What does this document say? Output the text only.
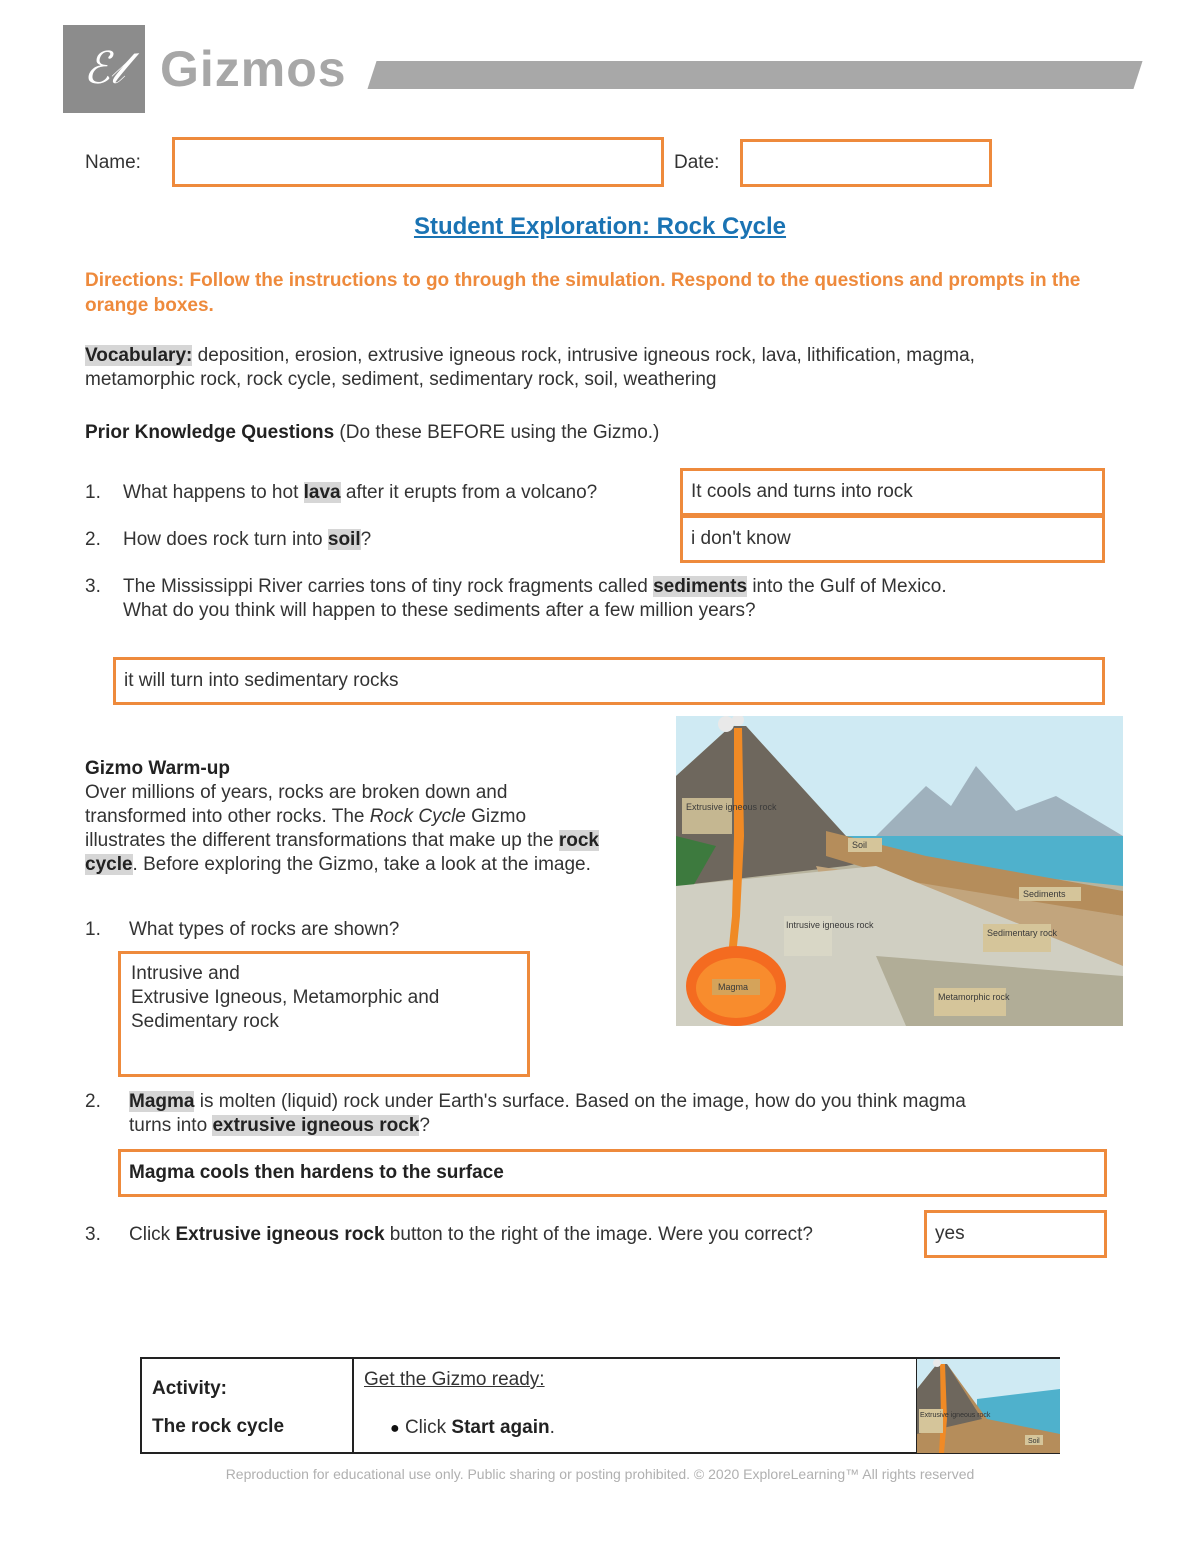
ℰ𝓁 Gizmos
Name:	Date:
Student Exploration: Rock Cycle
Directions: Follow the instructions to go through the simulation. Respond to the questions and prompts in the orange boxes.
Vocabulary: deposition, erosion, extrusive igneous rock, intrusive igneous rock, lava, lithification, magma,
metamorphic rock, rock cycle, sediment, sedimentary rock, soil, weathering
Prior Knowledge Questions (Do these BEFORE using the Gizmo.)
1. What happens to hot lava after it erupts from a volcano?	It cools and turns into rock
2. How does rock turn into soil?	i don't know
3. The Mississippi River carries tons of tiny rock fragments called sediments into the Gulf of Mexico.
What do you think will happen to these sediments after a few million years?
it will turn into sedimentary rocks
Gizmo Warm-up
Over millions of years, rocks are broken down and
transformed into other rocks. The Rock Cycle Gizmo
illustrates the different transformations that make up the rock
cycle. Before exploring the Gizmo, take a look at the image.
1. What types of rocks are shown?
Intrusive and
Extrusive Igneous, Metamorphic and
Sedimentary rock
Extrusive igneous rock
Soil
Sediments
Intrusive igneous rock
Sedimentary rock
Magma
Metamorphic rock
2. Magma is molten (liquid) rock under Earth's surface. Based on the image, how do you think magma
turns into extrusive igneous rock?
Magma cools then hardens to the surface
3. Click Extrusive igneous rock button to the right of the image. Were you correct?	yes
Activity:
The rock cycle
Get the Gizmo ready:
● Click Start again.
Extrusive igneous rock
Soil
Reproduction for educational use only. Public sharing or posting prohibited. © 2020 ExploreLearning™ All rights reserved
